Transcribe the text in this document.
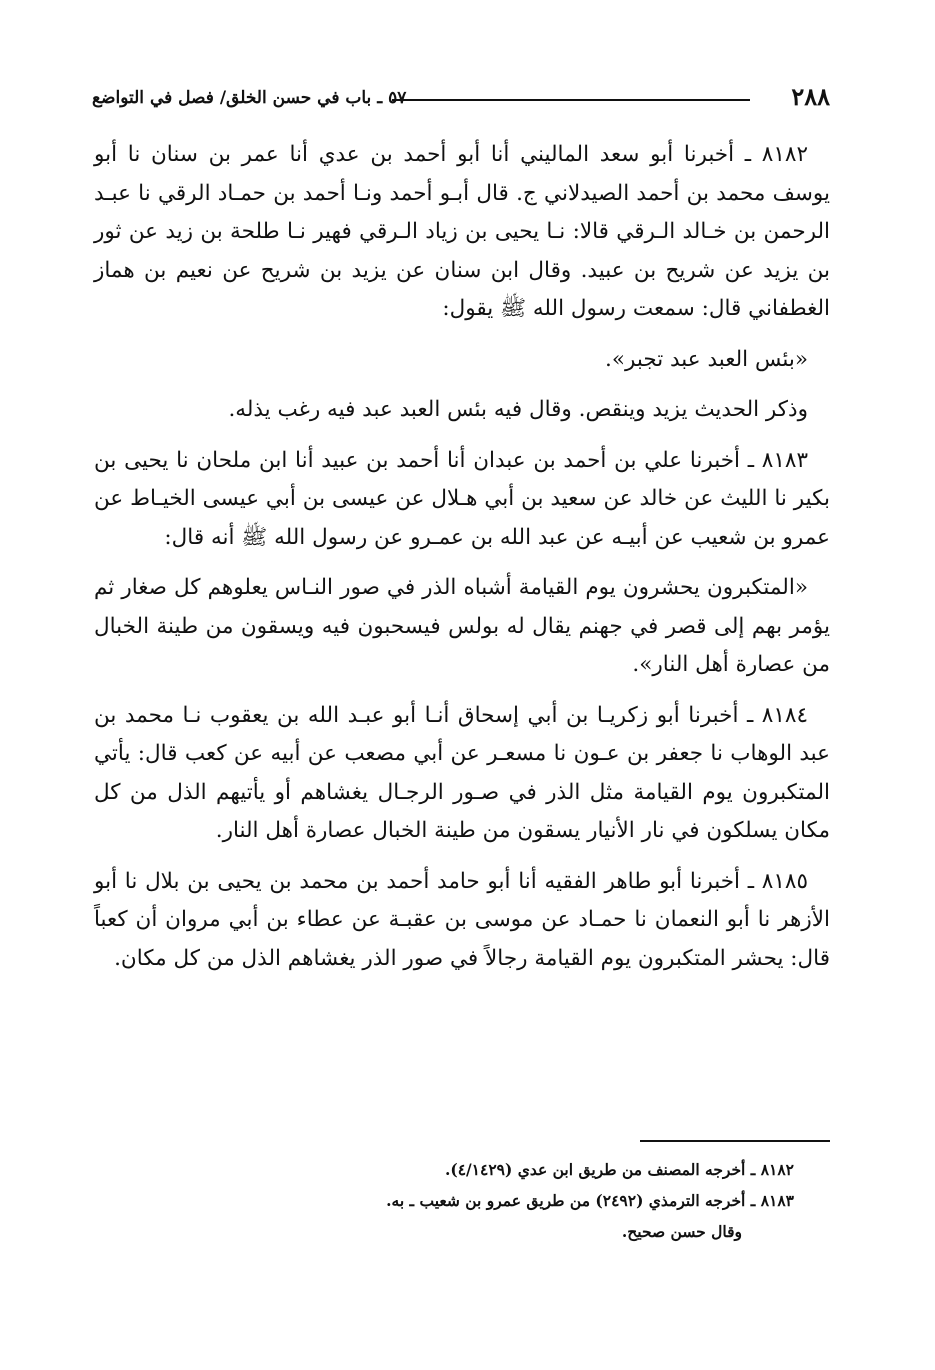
٢٨٨
٥٧ ـ باب في حسن الخلق/ فصل في التواضع

٨١٨٢ ـ أخبرنا أبو سعد الماليني أنا أبو أحمد بن عدي أنا عمر بن سنان نا أبو يوسف محمد بن أحمد الصيدلاني ج. قال أبـو أحمد ونـا أحمد بن حمـاد الرقي نا عبـد الرحمن بن خـالد الـرقي قالا: نـا يحيى بن زياد الـرقي فهير نـا طلحة بن زيد عن ثور بن يزيد عن شريح بن عبيد. وقال ابن سنان عن يزيد بن شريح عن نعيم بن هماز الغطفاني قال: سمعت رسول الله ﷺ يقول:

«بئس العبد عبد تجبر».

وذكر الحديث يزيد وينقص. وقال فيه بئس العبد عبد فيه رغب يذله.

٨١٨٣ ـ أخبرنا علي بن أحمد بن عبدان أنا أحمد بن عبيد أنا ابن ملحان نا يحيى بن بكير نا الليث عن خالد عن سعيد بن أبي هـلال عن عيسى بن أبي عيسى الخيـاط عن عمرو بن شعيب عن أبيـه عن عبد الله بن عمـرو عن رسول الله ﷺ أنه قال:

«المتكبرون يحشرون يوم القيامة أشباه الذر في صور النـاس يعلوهم كل صغار ثم يؤمر بهم إلى قصر في جهنم يقال له بولس فيسحبون فيه ويسقون من طينة الخبال من عصارة أهل النار».

٨١٨٤ ـ أخبرنا أبو زكريـا بن أبي إسحاق أنـا أبو عبـد الله بن يعقوب نـا محمد بن عبد الوهاب نا جعفر بن عـون نا مسعـر عن أبي مصعب عن أبيه عن كعب قال: يأتي المتكبرون يوم القيامة مثل الذر في صـور الرجـال يغشاهم أو يأتيهم الذل من كل مكان يسلكون في نار الأنيار يسقون من طينة الخبال عصارة أهل النار.

٨١٨٥ ـ أخبرنا أبو طاهر الفقيه أنا أبو حامد أحمد بن محمد بن يحيى بن بلال نا أبو الأزهر نا أبو النعمان نا حمـاد عن موسى بن عقبـة عن عطاء بن أبي مروان أن كعباً قال: يحشر المتكبرون يوم القيامة رجالاً في صور الذر يغشاهم الذل من كل مكان.

٨١٨٢ ـ أخرجه المصنف من طريق ابن عدي (٤/١٤٢٩).

٨١٨٣ ـ أخرجه الترمذي (٢٤٩٢) من طريق عمرو بن شعيب ـ به.

وقال حسن صحيح.
